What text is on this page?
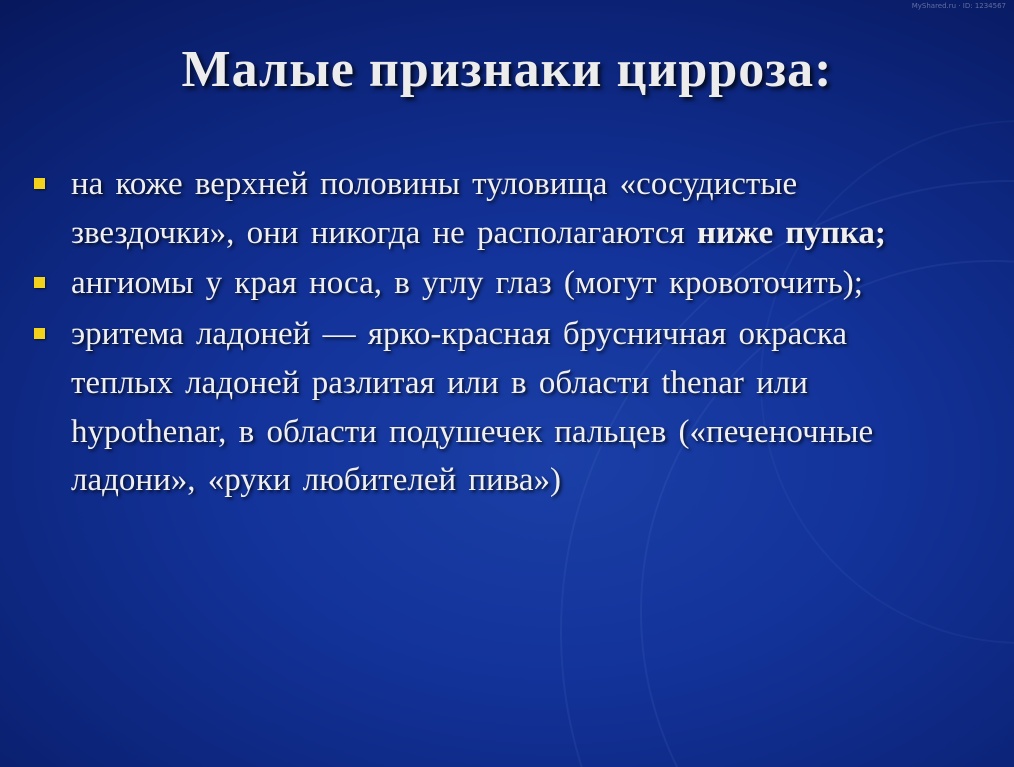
MyShared.ru · ID: 1234567
Малые признаки цирроза:
на коже верхней половины туловища «сосудистые звездочки», они никогда не располагаются ниже пупка;
ангиомы у края носа, в углу глаз (могут кровоточить);
эритема ладоней — ярко-красная брусничная окраска теплых ладоней разлитая или в области thenar или hypothenar, в области подушечек пальцев («печеночные ладони», «руки любителей пива»)
